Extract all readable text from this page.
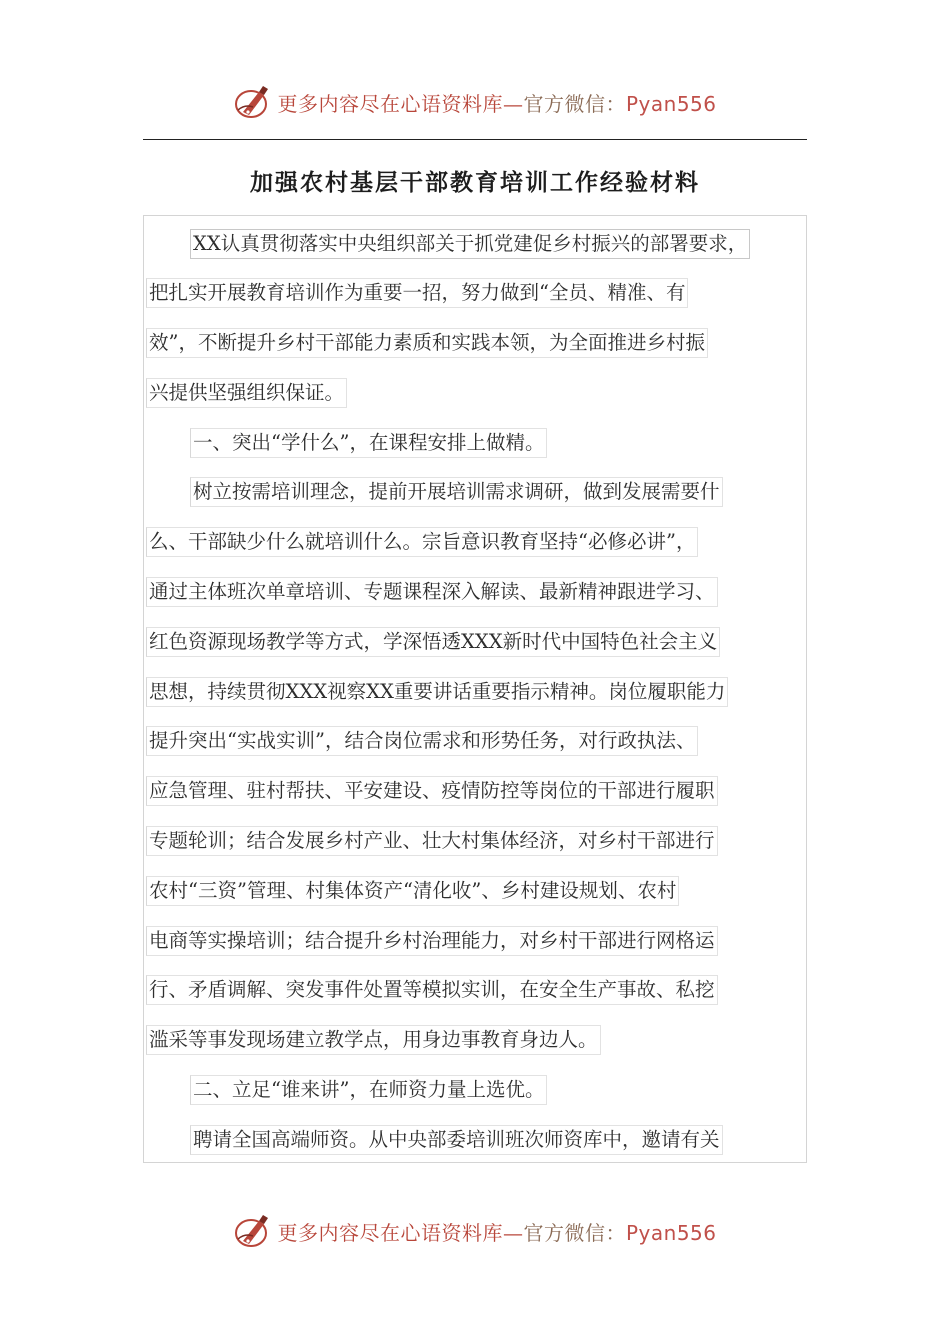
更多内容尽在心语资料库—官方微信：Pyan556
加强农村基层干部教育培训工作经验材料
XX认真贯彻落实中央组织部关于抓党建促乡村振兴的部署要求，
把扎实开展教育培训作为重要一招，努力做到“全员、精准、有
效”，不断提升乡村干部能力素质和实践本领，为全面推进乡村振
兴提供坚强组织保证。
一、突出“学什么”，在课程安排上做精。
树立按需培训理念，提前开展培训需求调研，做到发展需要什
么、干部缺少什么就培训什么。宗旨意识教育坚持“必修必讲”，
通过主体班次单章培训、专题课程深入解读、最新精神跟进学习、
红色资源现场教学等方式，学深悟透XXX新时代中国特色社会主义
思想，持续贯彻XXX视察XX重要讲话重要指示精神。岗位履职能力
提升突出“实战实训”，结合岗位需求和形势任务，对行政执法、
应急管理、驻村帮扶、平安建设、疫情防控等岗位的干部进行履职
专题轮训；结合发展乡村产业、壮大村集体经济，对乡村干部进行
农村“三资”管理、村集体资产“清化收”、乡村建设规划、农村
电商等实操培训；结合提升乡村治理能力，对乡村干部进行网格运
行、矛盾调解、突发事件处置等模拟实训，在安全生产事故、私挖
滥采等事发现场建立教学点，用身边事教育身边人。
二、立足“谁来讲”，在师资力量上选优。
聘请全国高端师资。从中央部委培训班次师资库中，邀请有关
更多内容尽在心语资料库—官方微信：Pyan556
